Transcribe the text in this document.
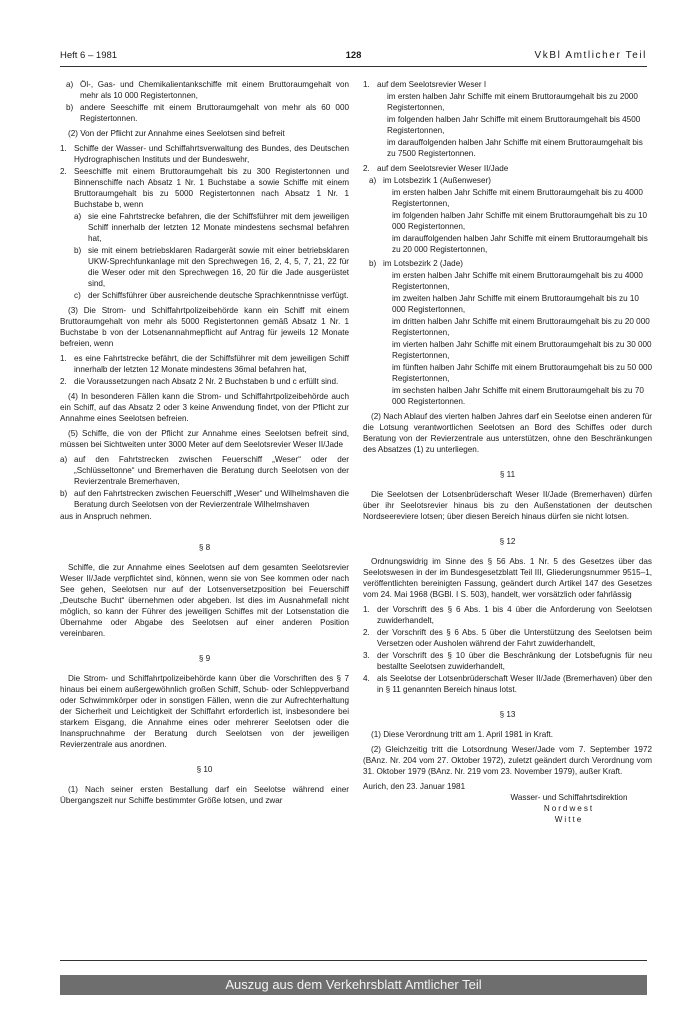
Heft 6 – 1981	128	VkBl Amtlicher Teil
a) Öl-, Gas- und Chemikalientankschiffe mit einem Bruttoraumgehalt von mehr als 10 000 Registertonnen,
b) andere Seeschiffe mit einem Bruttoraumgehalt von mehr als 60 000 Registertonnen.

(2) Von der Pflicht zur Annahme eines Seelotsen sind befreit

1. Schiffe der Wasser- und Schiffahrtsverwaltung des Bundes, des Deutschen Hydrographischen Instituts und der Bundeswehr,
2. Seeschiffe mit einem Bruttoraumgehalt bis zu 300 Registertonnen und Binnenschiffe nach Absatz 1 Nr. 1 Buchstabe a sowie Schiffe mit einem Bruttoraumgehalt bis zu 5000 Registertonnen nach Absatz 1 Nr. 1 Buchstabe b, wenn
a) sie eine Fahrtstrecke befahren, die der Schiffsführer mit dem jeweiligen Schiff innerhalb der letzten 12 Monate mindestens sechsmal befahren hat,
b) sie mit einem betriebsklaren Radargerät sowie mit einer betriebsklaren UKW-Sprechfunkanlage mit den Sprechwegen 16, 2, 4, 5, 7, 21, 22 für die Weser oder mit den Sprechwegen 16, 20 für die Jade ausgerüstet sind,
c) der Schiffsführer über ausreichende deutsche Sprachkenntnisse verfügt.

(3) Die Strom- und Schiffahrtpolizeibehörde kann ein Schiff mit einem Bruttoraumgehalt von mehr als 5000 Registertonnen gemäß Absatz 1 Nr. 1 Buchstabe b von der Lotsenannahmepflicht auf Antrag für jeweils 12 Monate befreien, wenn

1. es eine Fahrtstrecke befährt, die der Schiffsführer mit dem jeweiligen Schiff innerhalb der letzten 12 Monate mindestens 36mal befahren hat,
2. die Voraussetzungen nach Absatz 2 Nr. 2 Buchstaben b und c erfüllt sind.

(4) In besonderen Fällen kann die Strom- und Schiffahrtpolizeibehörde auch ein Schiff, auf das Absatz 2 oder 3 keine Anwendung findet, von der Pflicht zur Annahme eines Seelotsen befreien.

(5) Schiffe, die von der Pflicht zur Annahme eines Seelotsen befreit sind, müssen bei Sichtweiten unter 3000 Meter auf dem Seelotsrevier Weser II/Jade

a) auf den Fahrtstrecken zwischen Feuerschiff „Weser“ oder der „Schlüsseltonne“ und Bremerhaven die Beratung durch Seelotsen von der Revierzentrale Bremerhaven,
b) auf den Fahrtstrecken zwischen Feuerschiff „Weser“ und Wilhelmshaven die Beratung durch Seelotsen von der Revierzentrale Wilhelmshaven

aus in Anspruch nehmen.

§ 8

Schiffe, die zur Annahme eines Seelotsen auf dem gesamten Seelotsrevier Weser II/Jade verpflichtet sind, können, wenn sie von See kommen oder nach See gehen, Seelotsen nur auf der Lotsenversetzposition bei Feuerschiff „Deutsche Bucht“ übernehmen oder abgeben. Ist dies im Ausnahmefall nicht möglich, so kann der Führer des jeweiligen Schiffes mit der Lotsenstation die Übernahme oder Abgabe des Seelotsen auf einer anderen Position vereinbaren.

§ 9

Die Strom- und Schiffahrtpolizeibehörde kann über die Vorschriften des § 7 hinaus bei einem außergewöhnlich großen Schiff, Schub- oder Schleppverband oder Schwimmkörper oder in sonstigen Fällen, wenn die zur Aufrechterhaltung der Sicherheit und Leichtigkeit der Schiffahrt erforderlich ist, insbesondere bei starkem Eisgang, die Annahme eines oder mehrerer Seelotsen oder die Inanspruchnahme der Beratung durch Seelotsen von der jeweiligen Revierzentrale aus anordnen.

§ 10

(1) Nach seiner ersten Bestallung darf ein Seelotse während einer Übergangszeit nur Schiffe bestimmter Größe lotsen, und zwar

1. auf dem Seelotsrevier Weser I
im ersten halben Jahr Schiffe mit einem Bruttoraumgehalt bis zu 2000 Registertonnen,
im folgenden halben Jahr Schiffe mit einem Bruttoraumgehalt bis 4500 Registertonnen,
im darauffolgenden halben Jahr Schiffe mit einem Bruttoraumgehalt bis zu 7500 Registertonnen.
2. auf dem Seelotsrevier Weser II/Jade
a) im Lotsbezirk 1 (Außenweser)
im ersten halben Jahr Schiffe mit einem Bruttoraumgehalt bis zu 4000 Registertonnen,
im folgenden halben Jahr Schiffe mit einem Bruttoraumgehalt bis zu 10 000 Registertonnen,
im darauffolgenden halben Jahr Schiffe mit einem Bruttoraumgehalt bis zu 20 000 Registertonnen,
b) im Lotsbezirk 2 (Jade)
im ersten halben Jahr Schiffe mit einem Bruttoraumgehalt bis zu 4000 Registertonnen,
im zweiten halben Jahr Schiffe mit einem Bruttoraumgehalt bis zu 10 000 Registertonnen,
im dritten halben Jahr Schiffe mit einem Bruttoraumgehalt bis zu 20 000 Registertonnen,
im vierten halben Jahr Schiffe mit einem Bruttoraumgehalt bis zu 30 000 Registertonnen,
im fünften halben Jahr Schiffe mit einem Bruttoraumgehalt bis zu 50 000 Registertonnen,
im sechsten halben Jahr Schiffe mit einem Bruttoraumgehalt bis zu 70 000 Registertonnen.

(2) Nach Ablauf des vierten halben Jahres darf ein Seelotse einen anderen für die Lotsung verantwortlichen Seelotsen an Bord des Schiffes oder durch Beratung von der Revierzentrale aus unterstützen, ohne den Beschränkungen des Absatzes (1) zu unterliegen.

§ 11

Die Seelotsen der Lotsenbrüderschaft Weser II/Jade (Bremerhaven) dürfen über ihr Seelotsrevier hinaus bis zu den Außenstationen der deutschen Nordseereviere lotsen; über diesen Bereich hinaus dürfen sie nicht lotsen.

§ 12

Ordnungswidrig im Sinne des § 56 Abs. 1 Nr. 5 des Gesetzes über das Seelotswesen in der im Bundesgesetzblatt Teil III, Gliederungsnummer 9515–1, veröffentlichten bereinigten Fassung, geändert durch Artikel 147 des Gesetzes vom 24. Mai 1968 (BGBl. I S. 503), handelt, wer vorsätzlich oder fahrlässig

1. der Vorschrift des § 6 Abs. 1 bis 4 über die Anforderung von Seelotsen zuwiderhandelt,
2. der Vorschrift des § 6 Abs. 5 über die Unterstützung des Seelotsen beim Versetzen oder Ausholen während der Fahrt zuwiderhandelt,
3. der Vorschrift des § 10 über die Beschränkung der Lotsbefugnis für neu bestallte Seelotsen zuwiderhandelt,
4. als Seelotse der Lotsenbrüderschaft Weser II/Jade (Bremerhaven) über den in § 11 genannten Bereich hinaus lotst.
§ 13

(1) Diese Verordnung tritt am 1. April 1981 in Kraft.

(2) Gleichzeitig tritt die Lotsordnung Weser/Jade vom 7. September 1972 (BAnz. Nr. 204 vom 27. Oktober 1972), zuletzt geändert durch Verordnung vom 31. Oktober 1979 (BAnz. Nr. 219 vom 23. November 1979), außer Kraft.

Aurich, den 23. Januar 1981
Wasser- und Schiffahrtsdirektion
Nordwest
Witte
Auszug aus dem Verkehrsblatt Amtlicher Teil
